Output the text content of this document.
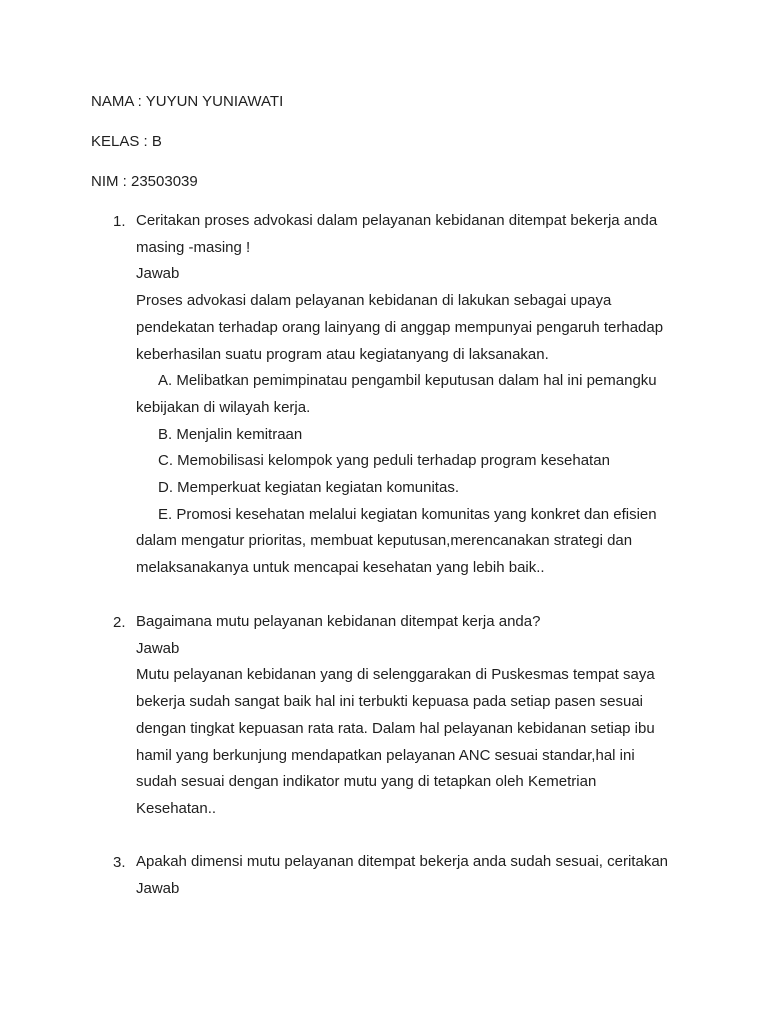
NAMA : YUYUN YUNIAWATI
KELAS : B
NIM : 23503039
1. Ceritakan proses advokasi dalam pelayanan kebidanan ditempat bekerja anda

masing -masing !

Jawab

Proses advokasi dalam pelayanan kebidanan di lakukan sebagai upaya

pendekatan terhadap orang lainyang di anggap mempunyai pengaruh terhadap

keberhasilan suatu program atau kegiatanyang di laksanakan.

A. Melibatkan pemimpinatau pengambil keputusan dalam hal ini pemangku

kebijakan di wilayah kerja.

B. Menjalin kemitraan

C. Memobilisasi kelompok yang peduli terhadap program kesehatan

D. Memperkuat kegiatan kegiatan komunitas.

E. Promosi kesehatan melalui kegiatan komunitas yang konkret dan efisien

dalam mengatur prioritas, membuat keputusan,merencanakan strategi dan

melaksanakanya untuk mencapai kesehatan yang lebih baik..

2. Bagaimana mutu pelayanan kebidanan ditempat kerja anda?

Jawab

Mutu pelayanan kebidanan yang di selenggarakan di Puskesmas tempat saya

bekerja sudah sangat baik hal ini terbukti kepuasa pada setiap pasen sesuai

dengan tingkat kepuasan rata rata. Dalam hal pelayanan kebidanan setiap ibu

hamil yang berkunjung mendapatkan pelayanan ANC sesuai standar,hal ini

sudah sesuai dengan indikator mutu yang di tetapkan oleh Kemetrian

Kesehatan..

3. Apakah dimensi mutu pelayanan ditempat bekerja anda sudah sesuai, ceritakan

Jawab
